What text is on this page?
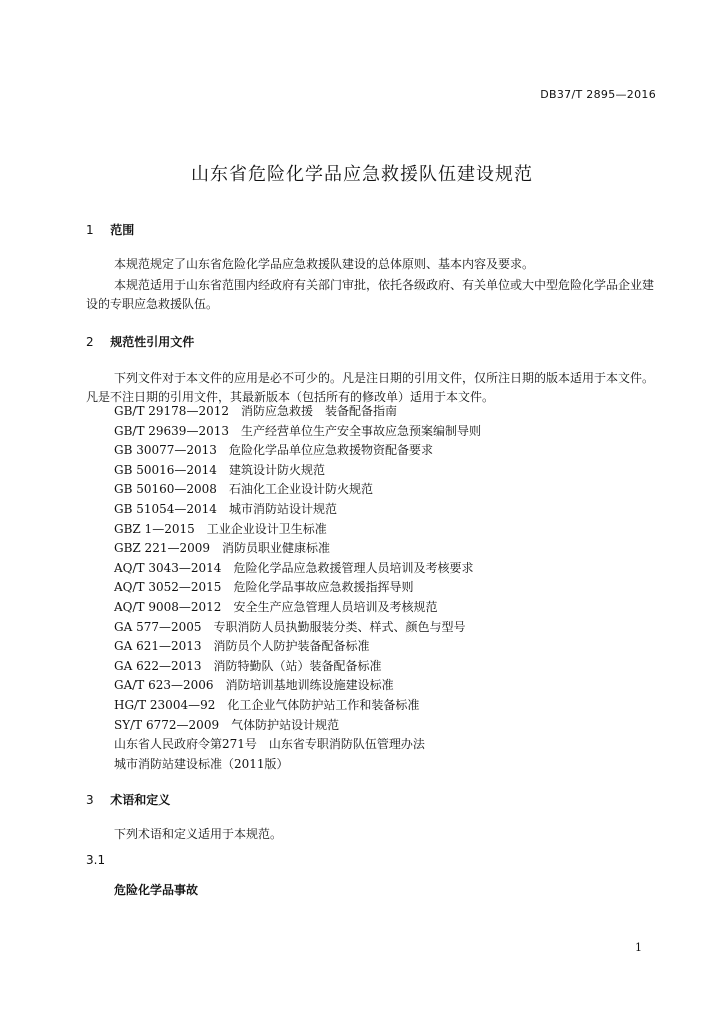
DB37/T 2895—2016
山东省危险化学品应急救援队伍建设规范
1 范围

本规范规定了山东省危险化学品应急救援队建设的总体原则、基本内容及要求。

本规范适用于山东省范围内经政府有关部门审批，依托各级政府、有关单位或大中型危险化学品企业建设的专职应急救援队伍。

2 规范性引用文件

下列文件对于本文件的应用是必不可少的。凡是注日期的引用文件，仅所注日期的版本适用于本文件。凡是不注日期的引用文件，其最新版本（包括所有的修改单）适用于本文件。

GB/T 29178—2012 消防应急救援　装备配备指南
GB/T 29639—2013 生产经营单位生产安全事故应急预案编制导则
GB 30077—2013 危险化学品单位应急救援物资配备要求
GB 50016—2014 建筑设计防火规范
GB 50160—2008 石油化工企业设计防火规范
GB 51054—2014 城市消防站设计规范
GBZ 1—2015 工业企业设计卫生标准
GBZ 221—2009 消防员职业健康标准
AQ/T 3043—2014 危险化学品应急救援管理人员培训及考核要求
AQ/T 3052—2015 危险化学品事故应急救援指挥导则
AQ/T 9008—2012 安全生产应急管理人员培训及考核规范
GA 577—2005 专职消防人员执勤服装分类、样式、颜色与型号
GA 621—2013 消防员个人防护装备配备标准
GA 622—2013 消防特勤队（站）装备配备标准
GA/T 623—2006 消防培训基地训练设施建设标准
HG/T 23004—92 化工企业气体防护站工作和装备标准
SY/T 6772—2009 气体防护站设计规范
山东省人民政府令第271号 山东省专职消防队伍管理办法
城市消防站建设标准（2011版）
3 术语和定义

下列术语和定义适用于本规范。

3.1
危险化学品事故
1
